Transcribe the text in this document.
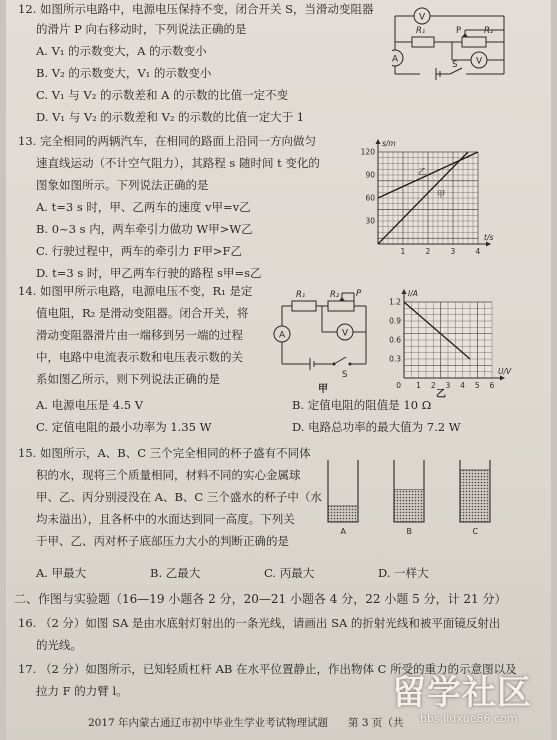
12. 如图所示电路中，电源电压保持不变，闭合开关 S，当滑动变阻器
的滑片 P 向右移动时，下列说法正确的是
A. V₁ 的示数变大，A 的示数变小
B. V₂ 的示数变大，V₁ 的示数变小
C. V₁ 与 V₂ 的示数差和 A 的示数的比值一定不变
D. V₁ 与 V₂ 的示数差和 V₂ 的示数的比值一定大于 1
V
V
A
R₁	R₂
P
S
13. 完全相同的两辆汽车，在相同的路面上沿同一方向做匀
速直线运动（不计空气阻力），其路程 s 随时间 t 变化的
图象如图所示。下列说法正确的是
A. t=3 s 时，甲、乙两车的速度 v甲=v乙
B. 0~3 s 内，两车牵引力做功 W甲>W乙
C. 行驶过程中，两车的牵引力 F甲>F乙
D. t=3 s 时，甲乙两车行驶的路程 s甲=s乙
1	2	3	4
30
60
90
120
t/s
s/m
甲
乙
14. 如图甲所示电路，电源电压不变，R₁ 是定
值电阻，R₂ 是滑动变阻器。闭合开关，将
滑动变阻器滑片由一端移到另一端的过程
中，电路中电流表示数和电压表示数的关
系如图乙所示，则下列说法正确的是
A. 电源电压是 4.5 V	B. 定值电阻的阻值是 10 Ω
C. 定值电阻的最小功率为 1.35 W	D. 电路总功率的最大值为 7.2 W
A	V
R₁	R₂ P
S
甲	1 2 3 4 5 6
0.3
0.6
0.9
1.2
0
U/V
I/A
乙
15. 如图所示，A、B、C 三个完全相同的杯子盛有不同体
积的水，现将三个质量相同，材料不同的实心金属球
甲、乙、丙分别浸没在 A、B、C 三个盛水的杯子中（水
均未溢出），且各杯中的水面达到同一高度。下列关
于甲、乙、丙对杯子底部压力大小的判断正确的是
A. 甲最大	B. 乙最大	C. 丙最大	D. 一样大
A	B	C
二、作图与实验题（16—19 小题各 2 分，20—21 小题各 4 分，22 小题 5 分，计 21 分）
16. （2 分）如图 SA 是由水底射灯射出的一条光线，请画出 SA 的折射光线和被平面镜反射出
的光线。
17. （2 分）如图所示，已知轻质杠杆 AB 在水平位置静止，作出物体 C 所受的重力的示意图以及
拉力 F 的力臂 l。
2017 年内蒙古通辽市初中毕业生学业考试物理试题 第 3 页（共
留学社区
bbs.liuxue86.com
